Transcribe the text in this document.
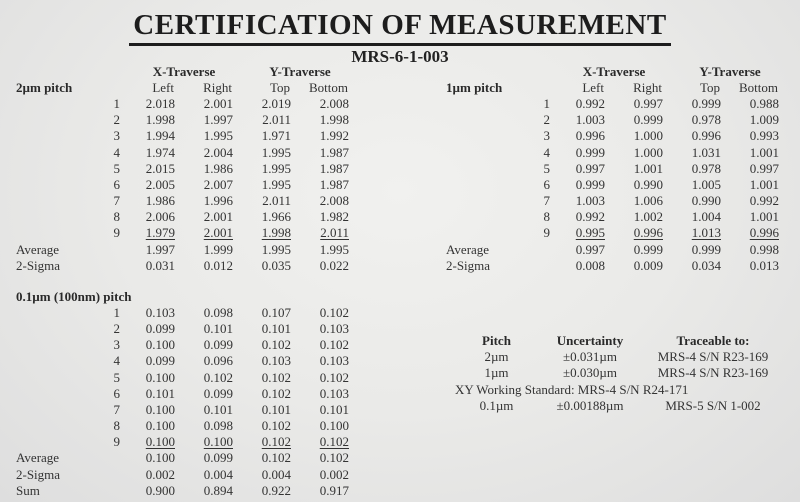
CERTIFICATION OF MEASUREMENT
MRS-6-1-003
		X-Traverse		Y-Traverse	
2µm pitch		Left	Right	Top	Bottom
	1	2.018	2.001	2.019	2.008
	2	1.998	1.997	2.011	1.998
	3	1.994	1.995	1.971	1.992
	4	1.974	2.004	1.995	1.987
	5	2.015	1.986	1.995	1.987
	6	2.005	2.007	1.995	1.987
	7	1.986	1.996	2.011	2.008
	8	2.006	2.001	1.966	1.982
	9	1.979	2.001	1.998	2.011
Average		1.997	1.999	1.995	1.995
2-Sigma		0.031	0.012	0.035	0.022
		X-Traverse		Y-Traverse	
1µm pitch		Left	Right	Top	Bottom
	1	0.992	0.997	0.999	0.988
	2	1.003	0.999	0.978	1.009
	3	0.996	1.000	0.996	0.993
	4	0.999	1.000	1.031	1.001
	5	0.997	1.001	0.978	0.997
	6	0.999	0.990	1.005	1.001
	7	1.003	1.006	0.990	0.992
	8	0.992	1.002	1.004	1.001
	9	0.995	0.996	1.013	0.996
Average		0.997	0.999	0.999	0.998
2-Sigma		0.008	0.009	0.034	0.013
0.1µm (100nm) pitch					
	1	0.103	0.098	0.107	0.102
	2	0.099	0.101	0.101	0.103
	3	0.100	0.099	0.102	0.102
	4	0.099	0.096	0.103	0.103
	5	0.100	0.102	0.102	0.102
	6	0.101	0.099	0.102	0.103
	7	0.100	0.101	0.101	0.101
	8	0.100	0.098	0.102	0.100
	9	0.100	0.100	0.102	0.102
Average		0.100	0.099	0.102	0.102
2-Sigma		0.002	0.004	0.004	0.002
Sum		0.900	0.894	0.922	0.917
Pitch	Uncertainty	Traceable to:
2µm	±0.031µm	MRS-4 S/N R23-169
1µm	±0.030µm	MRS-4 S/N R23-169
XY Working Standard: MRS-4 S/N R24-171		
0.1µm	±0.00188µm	MRS-5 S/N 1-002
